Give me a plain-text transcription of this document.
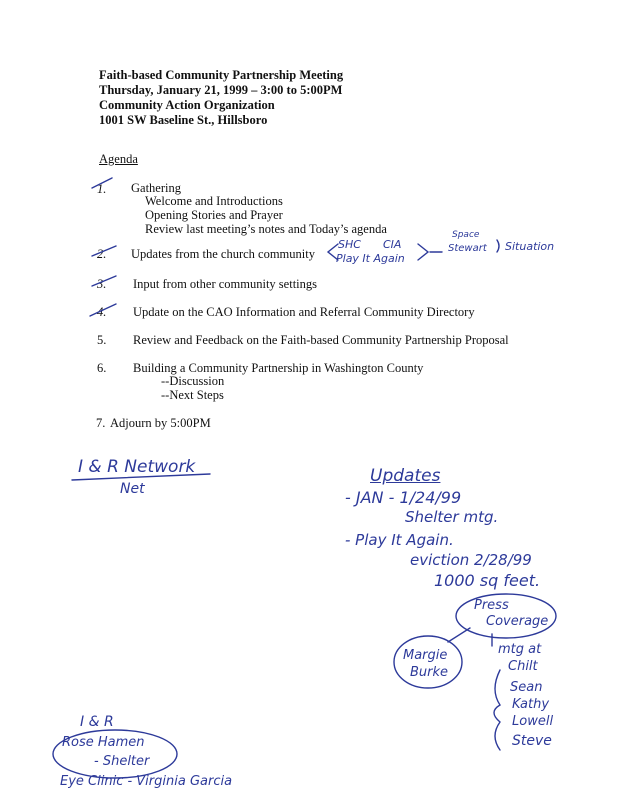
Faith-based Community Partnership Meeting
Thursday, January 21, 1999 – 3:00 to 5:00PM
Community Action Organization
1001 SW Baseline St., Hillsboro
Agenda
1. Gathering
Welcome and Introductions
Opening Stories and Prayer
Review last meeting’s notes and Today’s agenda
2. Updates from the church community
3. Input from other community settings
4. Update on the CAO Information and Referral Community Directory
5. Review and Feedback on the Faith-based Community Partnership Proposal
6. Building a Community Partnership in Washington County
--Discussion
--Next Steps
7. Adjourn by 5:00PM
SHC CIA
Play It Again
Space
Stewart Situation
I & R Network
Net
Updates
- JAN - 1/24/99
Shelter mtg.
- Play It Again.
eviction 2/28/99
1000 sq feet.
Press
Coverage
Margie
Burke
mtg at
Chilt
Sean
Kathy
Lowell
Steve
I & R
Rose Hamen
- Shelter
Eye Clinic - Virginia Garcia
